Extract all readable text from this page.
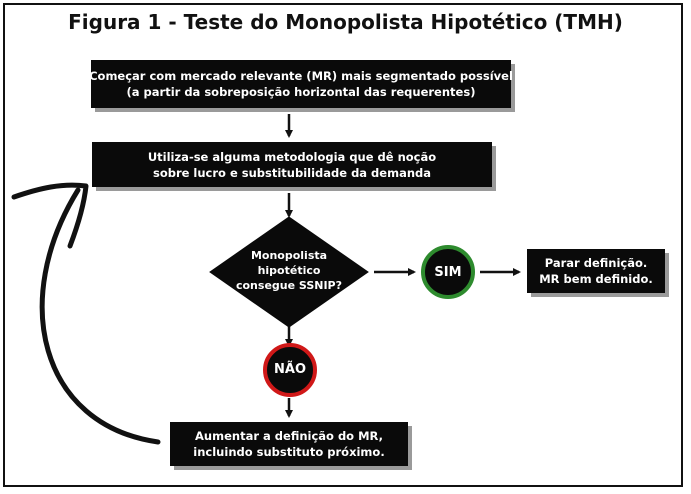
Figura 1 - Teste do Monopolista Hipotético (TMH)
Começar com mercado relevante (MR) mais segmentado possível
(a partir da sobreposição horizontal das requerentes)
Utiliza-se alguma metodologia que dê noção
sobre lucro e substitubilidade da demanda
Monopolista
hipotético
consegue SSNIP?
SIM
NÃO
Parar definição.
MR bem definido.
Aumentar a definição do MR,
incluindo substituto próximo.
